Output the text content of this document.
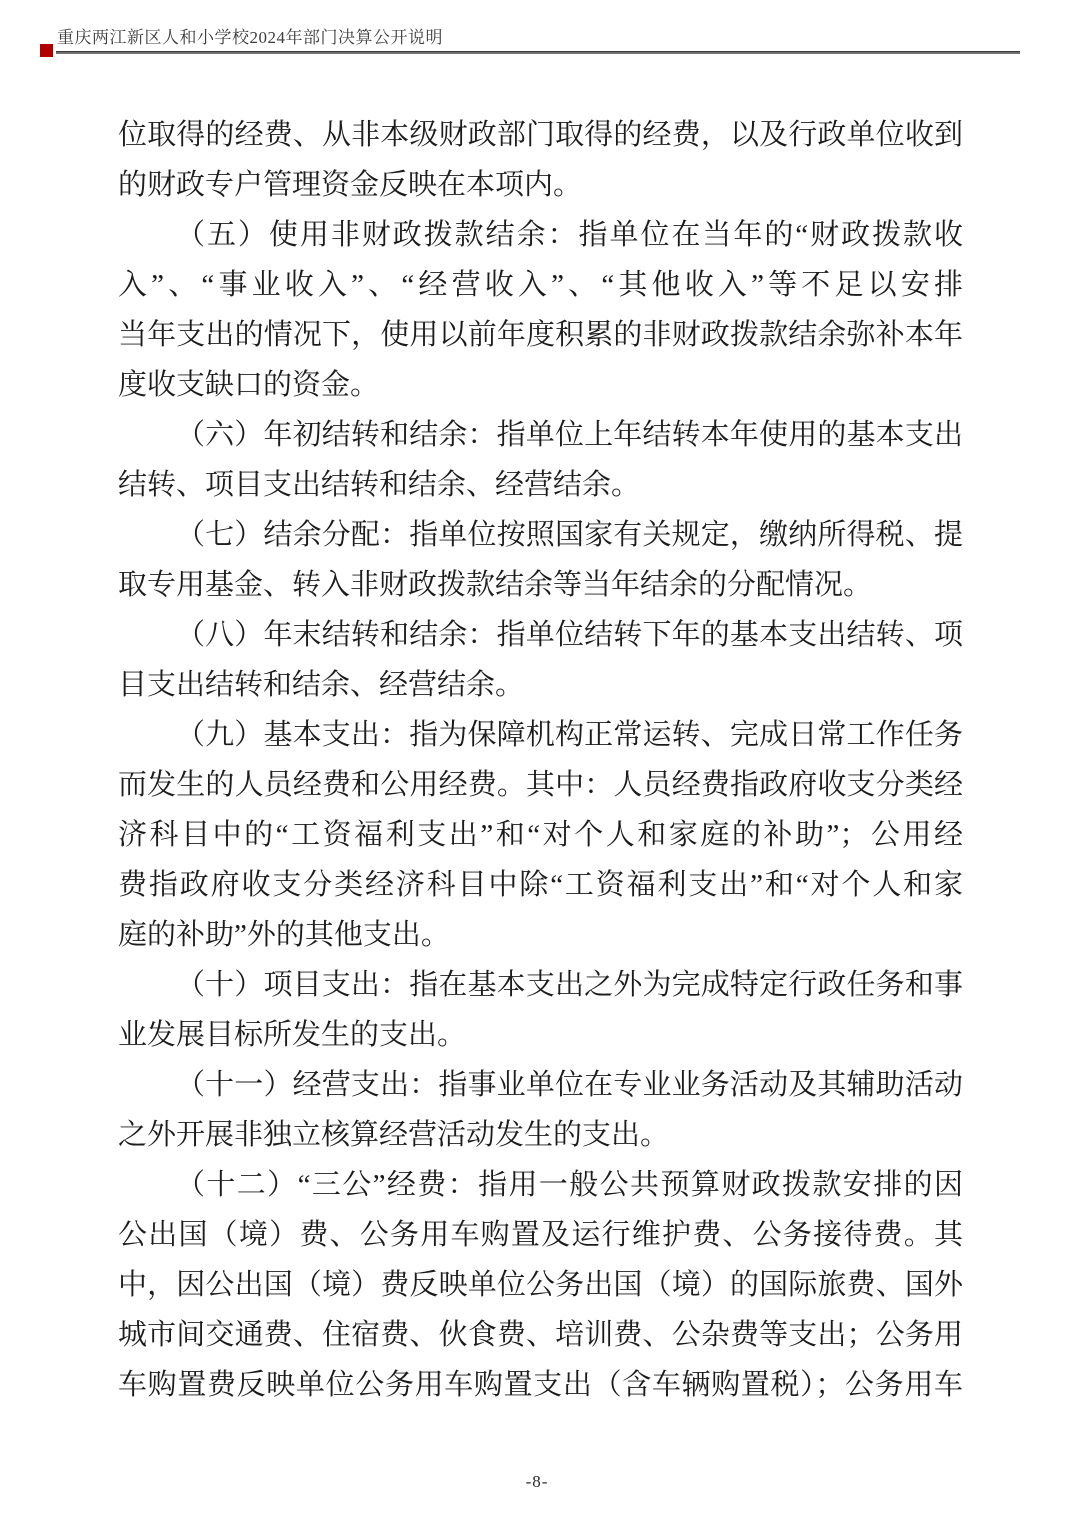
重庆两江新区人和小学校2024年部门决算公开说明
位取得的经费、从非本级财政部门取得的经费，以及行政单位收到
的财政专户管理资金反映在本项内。
（五）使用非财政拨款结余：指单位在当年的“财政拨款收
入”、“事业收入”、“经营收入”、“其他收入”等不足以安排
当年支出的情况下，使用以前年度积累的非财政拨款结余弥补本年
度收支缺口的资金。
（六）年初结转和结余：指单位上年结转本年使用的基本支出
结转、项目支出结转和结余、经营结余。
（七）结余分配：指单位按照国家有关规定，缴纳所得税、提
取专用基金、转入非财政拨款结余等当年结余的分配情况。
（八）年末结转和结余：指单位结转下年的基本支出结转、项
目支出结转和结余、经营结余。
（九）基本支出：指为保障机构正常运转、完成日常工作任务
而发生的人员经费和公用经费。其中：人员经费指政府收支分类经
济科目中的“工资福利支出”和“对个人和家庭的补助”；公用经
费指政府收支分类经济科目中除“工资福利支出”和“对个人和家
庭的补助”外的其他支出。
（十）项目支出：指在基本支出之外为完成特定行政任务和事
业发展目标所发生的支出。
（十一）经营支出：指事业单位在专业业务活动及其辅助活动
之外开展非独立核算经营活动发生的支出。
（十二）“三公”经费：指用一般公共预算财政拨款安排的因
公出国（境）费、公务用车购置及运行维护费、公务接待费。其
中，因公出国（境）费反映单位公务出国（境）的国际旅费、国外
城市间交通费、住宿费、伙食费、培训费、公杂费等支出；公务用
车购置费反映单位公务用车购置支出（含车辆购置税）；公务用车
-8-
